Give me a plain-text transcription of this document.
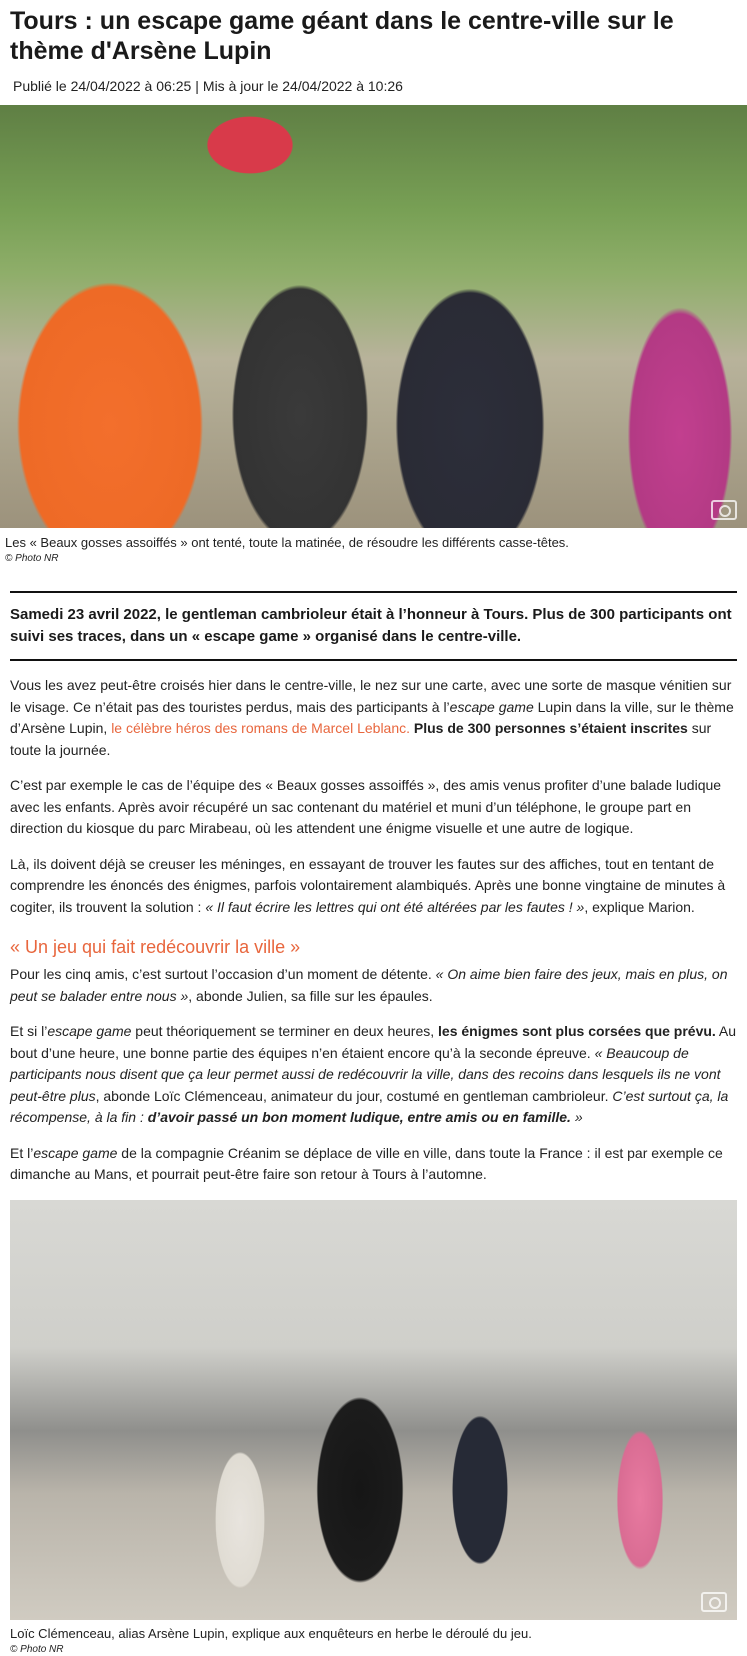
Tours : un escape game géant dans le centre-ville sur le thème d'Arsène Lupin
Publié le 24/04/2022 à 06:25 | Mis à jour le 24/04/2022 à 10:26
Les « Beaux gosses assoiffés » ont tenté, toute la matinée, de résoudre les différents casse-têtes.
© Photo NR
Samedi 23 avril 2022, le gentleman cambrioleur était à l’honneur à Tours. Plus de 300 participants ont suivi ses traces, dans un « escape game » organisé dans le centre-ville.

Vous les avez peut-être croisés hier dans le centre-ville, le nez sur une carte, avec une sorte de masque vénitien sur le visage. Ce n’était pas des touristes perdus, mais des participants à l’escape game Lupin dans la ville, sur le thème d’Arsène Lupin, le célèbre héros des romans de Marcel Leblanc. Plus de 300 personnes s’étaient inscrites sur toute la journée.

C’est par exemple le cas de l’équipe des « Beaux gosses assoiffés », des amis venus profiter d’une balade ludique avec les enfants. Après avoir récupéré un sac contenant du matériel et muni d’un téléphone, le groupe part en direction du kiosque du parc Mirabeau, où les attendent une énigme visuelle et une autre de logique.

Là, ils doivent déjà se creuser les méninges, en essayant de trouver les fautes sur des affiches, tout en tentant de comprendre les énoncés des énigmes, parfois volontairement alambiqués. Après une bonne vingtaine de minutes à cogiter, ils trouvent la solution : « Il faut écrire les lettres qui ont été altérées par les fautes ! », explique Marion.

« Un jeu qui fait redécouvrir la ville »

Pour les cinq amis, c’est surtout l’occasion d’un moment de détente. « On aime bien faire des jeux, mais en plus, on peut se balader entre nous », abonde Julien, sa fille sur les épaules.

Et si l’escape game peut théoriquement se terminer en deux heures, les énigmes sont plus corsées que prévu. Au bout d’une heure, une bonne partie des équipes n’en étaient encore qu’à la seconde épreuve. « Beaucoup de participants nous disent que ça leur permet aussi de redécouvrir la ville, dans des recoins dans lesquels ils ne vont peut-être plus, abonde Loïc Clémenceau, animateur du jour, costumé en gentleman cambrioleur. C’est surtout ça, la récompense, à la fin : d’avoir passé un bon moment ludique, entre amis ou en famille. »

Et l’escape game de la compagnie Créanim se déplace de ville en ville, dans toute la France : il est par exemple ce dimanche au Mans, et pourrait peut-être faire son retour à Tours à l’automne.

Loïc Clémenceau, alias Arsène Lupin, explique aux enquêteurs en herbe le déroulé du jeu.
© Photo NR
